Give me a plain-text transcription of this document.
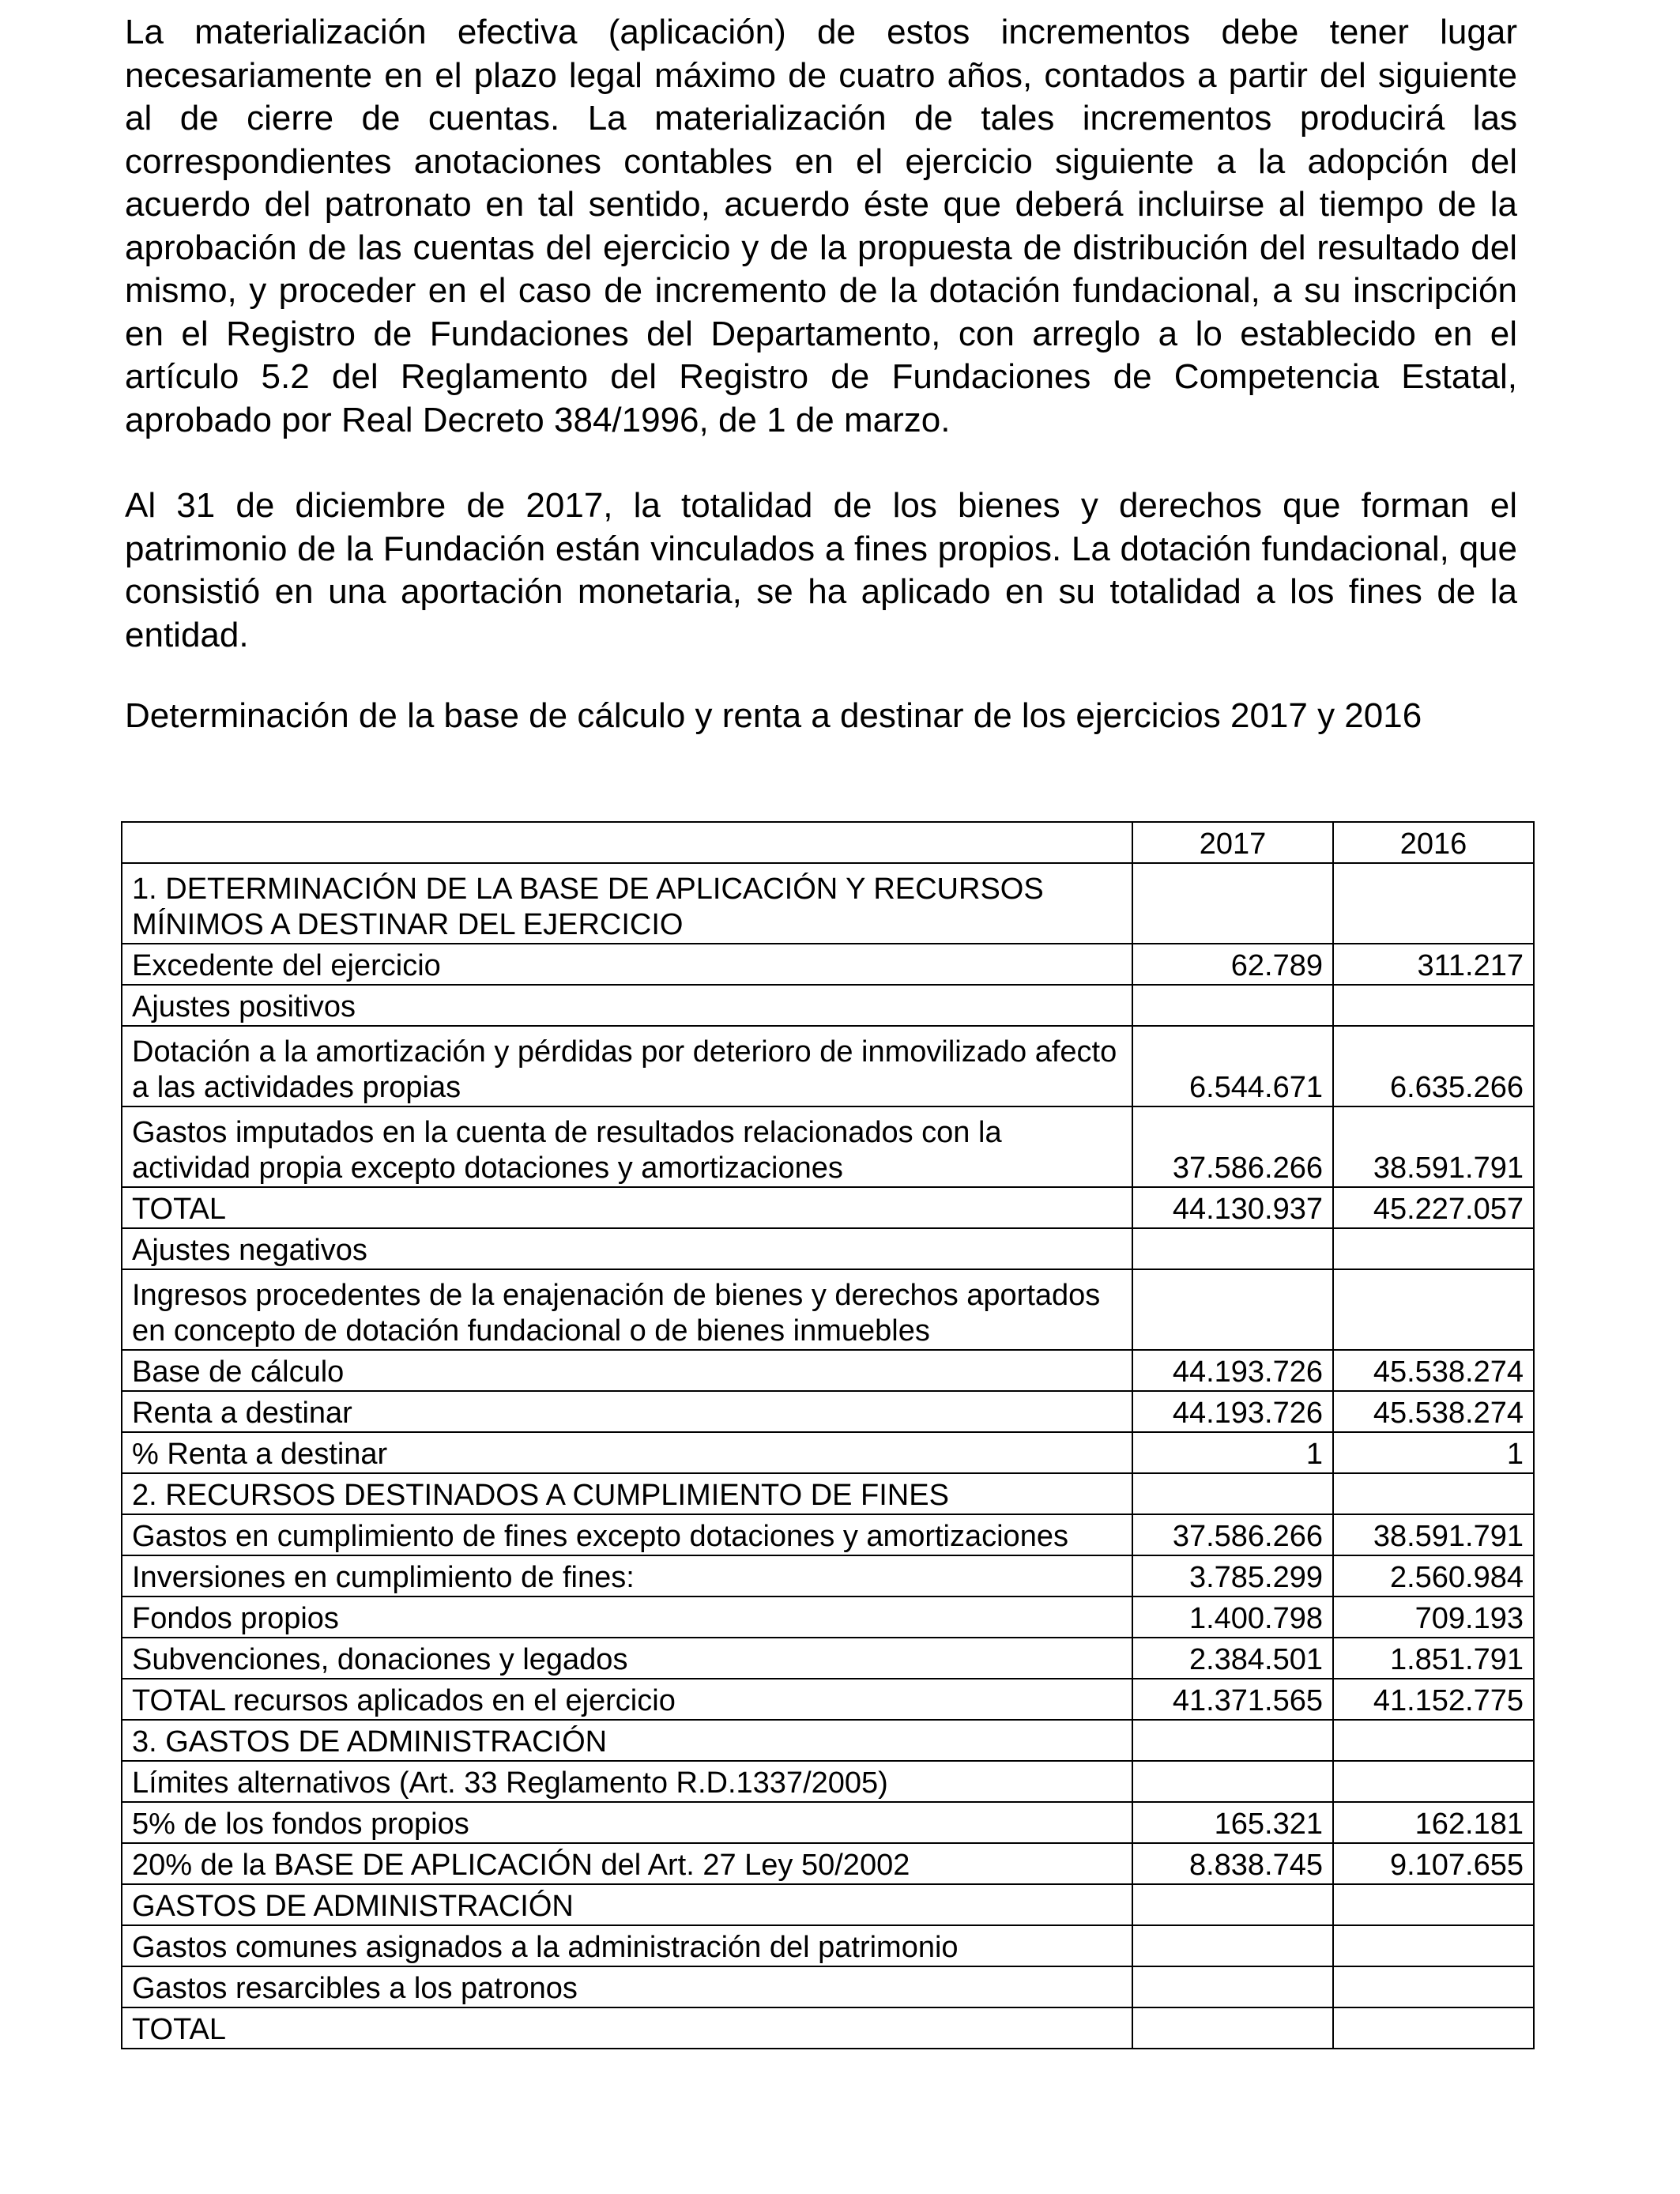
La materialización efectiva (aplicación) de estos incrementos debe tener lugar necesariamente en el plazo legal máximo de cuatro años, contados a partir del siguiente al de cierre de cuentas. La materialización de tales incrementos producirá las correspondientes anotaciones contables en el ejercicio siguiente a la adopción del acuerdo del patronato en tal sentido, acuerdo éste que deberá incluirse al tiempo de la aprobación de las cuentas del ejercicio y de la propuesta de distribución del resultado del mismo, y proceder en el caso de incremento de la dotación fundacional, a su inscripción en el Registro de Fundaciones del Departamento, con arreglo a lo establecido en el artículo 5.2 del Reglamento del Registro de Fundaciones de Competencia Estatal, aprobado por Real Decreto 384/1996, de 1 de marzo.

Al 31 de diciembre de 2017, la totalidad de los bienes y derechos que forman el patrimonio de la Fundación están vinculados a fines propios. La dotación fundacional, que consistió en una aportación monetaria, se ha aplicado en su totalidad a los fines de la entidad.

Determinación de la base de cálculo y renta a destinar de los ejercicios 2017 y 2016

	2017	2016
1. DETERMINACIÓN DE LA BASE DE APLICACIÓN Y RECURSOS MÍNIMOS A DESTINAR DEL EJERCICIO		
Excedente del ejercicio	62.789	311.217
Ajustes positivos		
Dotación a la amortización y pérdidas por deterioro de inmovilizado afecto a las actividades propias	6.544.671	6.635.266
Gastos imputados en la cuenta de resultados relacionados con la actividad propia excepto dotaciones y amortizaciones	37.586.266	38.591.791
TOTAL	44.130.937	45.227.057
Ajustes negativos		
Ingresos procedentes de la enajenación de bienes y derechos aportados en concepto de dotación fundacional o de bienes inmuebles		
Base de cálculo	44.193.726	45.538.274
Renta a destinar	44.193.726	45.538.274
% Renta a destinar	1	1
2. RECURSOS DESTINADOS A CUMPLIMIENTO DE FINES		
Gastos en cumplimiento de fines excepto dotaciones y amortizaciones	37.586.266	38.591.791
Inversiones en cumplimiento de fines:	3.785.299	2.560.984
Fondos propios	1.400.798	709.193
Subvenciones, donaciones y legados	2.384.501	1.851.791
TOTAL recursos aplicados en el ejercicio	41.371.565	41.152.775
3. GASTOS DE ADMINISTRACIÓN		
Límites alternativos (Art. 33 Reglamento R.D.1337/2005)		
5% de los fondos propios	165.321	162.181
20% de la BASE DE APLICACIÓN del Art. 27 Ley 50/2002	8.838.745	9.107.655
GASTOS DE ADMINISTRACIÓN		
Gastos comunes asignados a la administración del patrimonio		
Gastos resarcibles a los patronos		
TOTAL		
